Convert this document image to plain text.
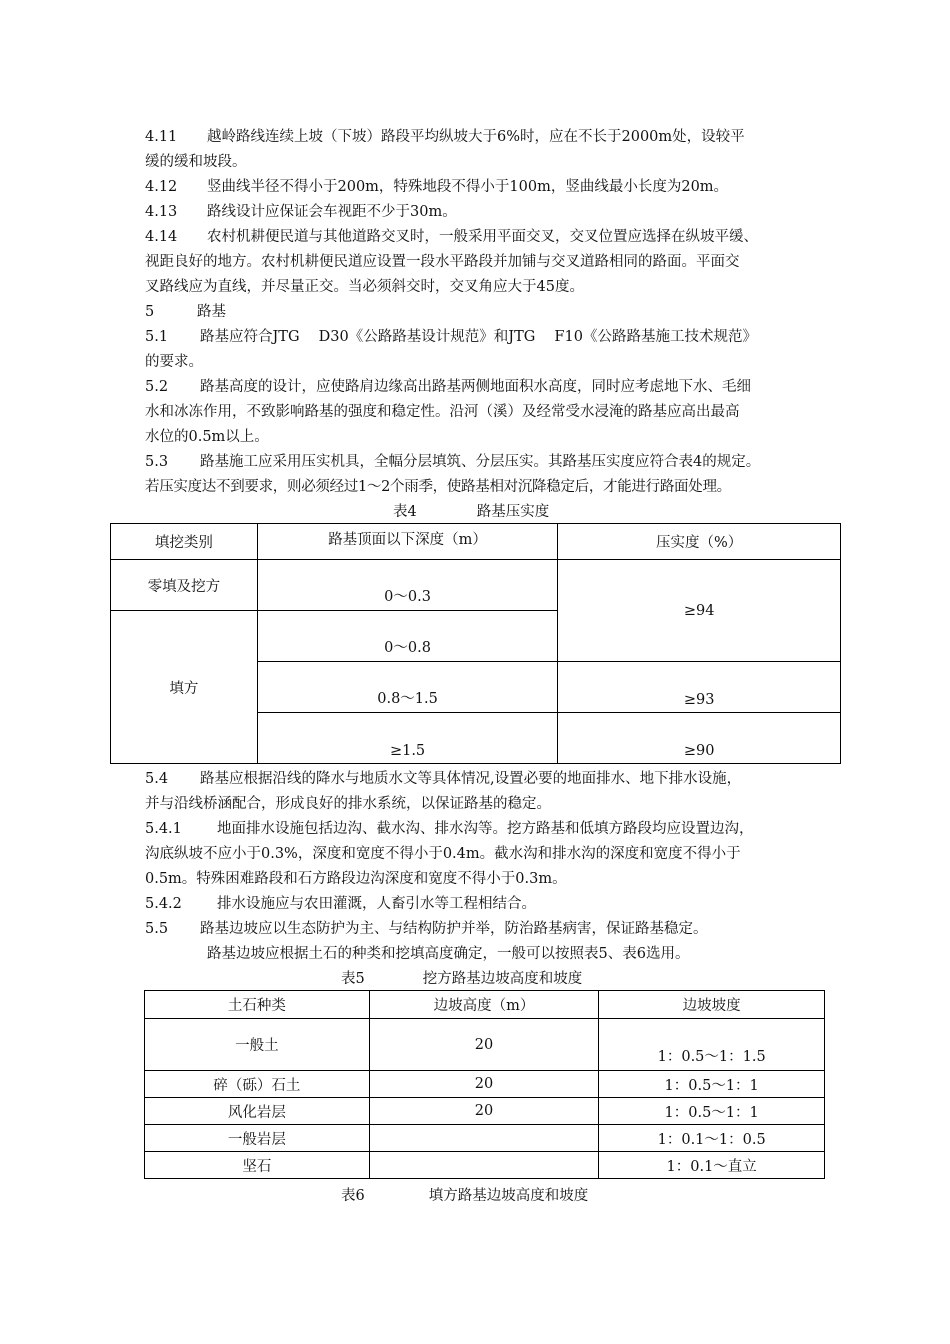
4.11 越岭路线连续上坡（下坡）路段平均纵坡大于6%时，应在不长于2000m处，设较平
缓的缓和坡段。
4.12 竖曲线半径不得小于200m，特殊地段不得小于100m，竖曲线最小长度为20m。
4.13 路线设计应保证会车视距不少于30m。
4.14 农村机耕便民道与其他道路交叉时，一般采用平面交叉，交叉位置应选择在纵坡平缓、
视距良好的地方。农村机耕便民道应设置一段水平路段并加铺与交叉道路相同的路面。平面交
叉路线应为直线，并尽量正交。当必须斜交时，交叉角应大于45度。
5	路基
5.1 路基应符合JTG　 D30《公路路基设计规范》和JTG　 F10《公路路基施工技术规范》
的要求。
5.2 路基高度的设计，应使路肩边缘高出路基两侧地面积水高度，同时应考虑地下水、毛细
水和冰冻作用，不致影响路基的强度和稳定性。沿河（溪）及经常受水浸淹的路基应高出最高
水位的0.5m以上。
5.3 路基施工应采用压实机具，全幅分层填筑、分层压实。其路基压实度应符合表4的规定。
若压实度达不到要求，则必须经过1～2个雨季，使路基相对沉降稳定后，才能进行路面处理。
表4	路基压实度
填挖类别	路基顶面以下深度（m）	压实度（%）
零填及挖方	0～0.3	≥94
填方	0～0.8	
	0.8～1.5	≥93
	≥1.5	≥90
5.4 路基应根据沿线的降水与地质水文等具体情况,设置必要的地面排水、地下排水设施，
并与沿线桥涵配合，形成良好的排水系统，以保证路基的稳定。
5.4.1 地面排水设施包括边沟、截水沟、排水沟等。挖方路基和低填方路段均应设置边沟，
沟底纵坡不应小于0.3%，深度和宽度不得小于0.4m。截水沟和排水沟的深度和宽度不得小于
0.5m。特殊困难路段和石方路段边沟深度和宽度不得小于0.3m。
5.4.2 排水设施应与农田灌溉，人畜引水等工程相结合。
5.5 路基边坡应以生态防护为主、与结构防护并举，防治路基病害，保证路基稳定。
路基边坡应根据土石的种类和挖填高度确定，一般可以按照表5、表6选用。
表5	挖方路基边坡高度和坡度
土石种类	边坡高度（m）	边坡坡度
一般土	20	1：0.5～1：1.5
碎（砾）石土	20	1：0.5～1：1
风化岩层	20	1：0.5～1：1
一般岩层		1：0.1～1：0.5
坚石		1：0.1～直立
表6	填方路基边坡高度和坡度
